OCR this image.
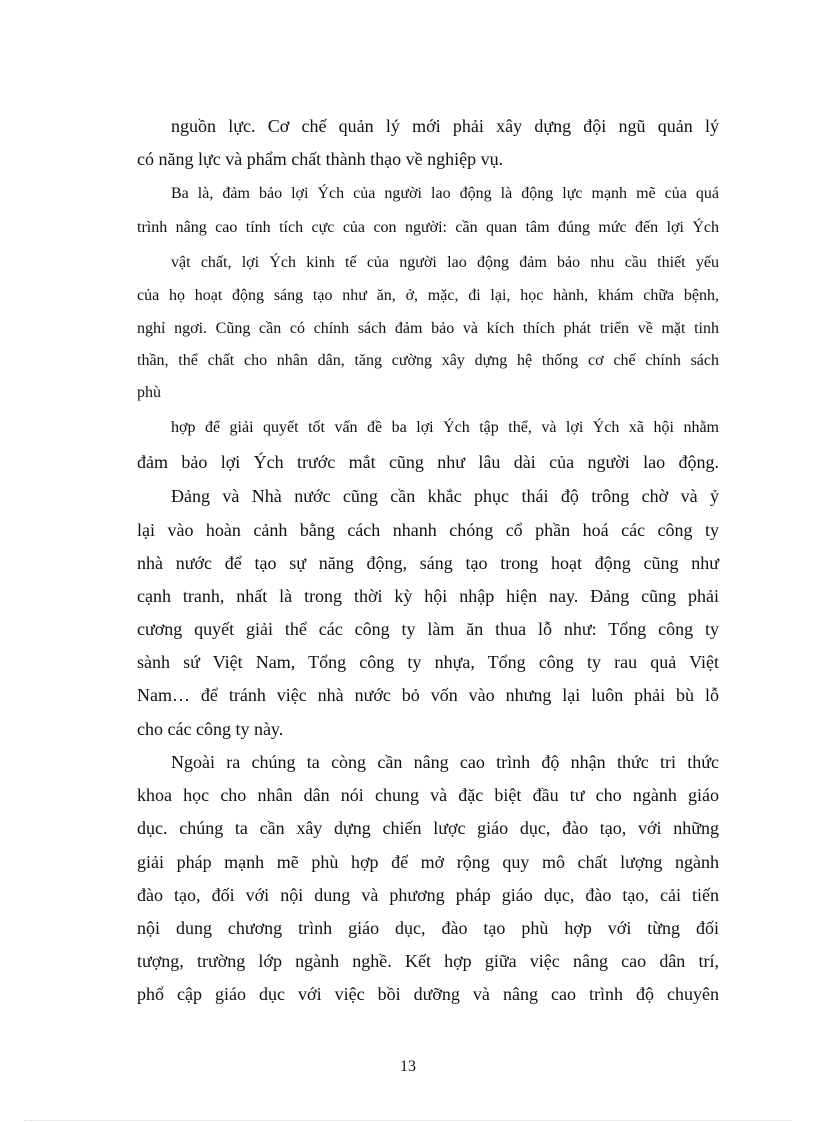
nguồn lực. Cơ chế quản lý mới phải xây dựng đội ngũ quản lý
có năng lực và phẩm chất thành thạo về nghiệp vụ.
Ba là, đảm bảo lợi Ých của người lao động là động lực mạnh mẽ của quá
trình nâng cao tính tích cực của con người: cần quan tâm đúng mức đến lợi Ých
vật chất, lợi Ých kinh tế của người lao động đảm bảo nhu cầu thiết yếu
của họ hoạt động sáng tạo như ăn, ở, mặc, đi lại, học hành, khám chữa bệnh,
nghỉ ngơi. Cũng cần có chính sách đảm bảo và kích thích phát triển về mặt tinh
thần, thể chất cho nhân dân, tăng cường xây dựng hệ thống cơ chế chính sách
phù
hợp để giải quyết tốt vấn đề ba lợi Ých tập thể, và lợi Ých xã hội nhằm
đảm bảo lợi Ých trước mắt cũng như lâu dài của người lao động.
Đảng và Nhà nước cũng cần khắc phục thái độ trông chờ và ỷ
lại vào hoàn cảnh bằng cách nhanh chóng cổ phần hoá các công ty
nhà nước để tạo sự năng động, sáng tạo trong hoạt động cũng như
cạnh tranh, nhất là trong thời kỳ hội nhập hiện nay. Đảng cũng phải
cương quyết giải thể các công ty làm ăn thua lỗ như: Tổng công ty
sành sứ Việt Nam, Tổng công ty nhựa, Tổng công ty rau quả Việt
Nam… để tránh việc nhà nước bỏ vốn vào nhưng lại luôn phải bù lỗ
cho các công ty này.
Ngoài ra chúng ta còng cần nâng cao trình độ nhận thức tri thức
khoa học cho nhân dân nói chung và đặc biệt đầu tư cho ngành giáo
dục. chúng ta cần xây dựng chiến lược giáo dục, đào tạo, với những
giải pháp mạnh mẽ phù hợp để mở rộng quy mô chất lượng ngành
đào tạo, đối với nội dung và phương pháp giáo dục, đào tạo, cải tiến
nội dung chương trình giáo dục, đào tạo phù hợp với từng đối
tượng, trường lớp ngành nghề. Kết hợp giữa việc nâng cao dân trí,
phổ cập giáo dục với việc bồi dưỡng và nâng cao trình độ chuyên
13
